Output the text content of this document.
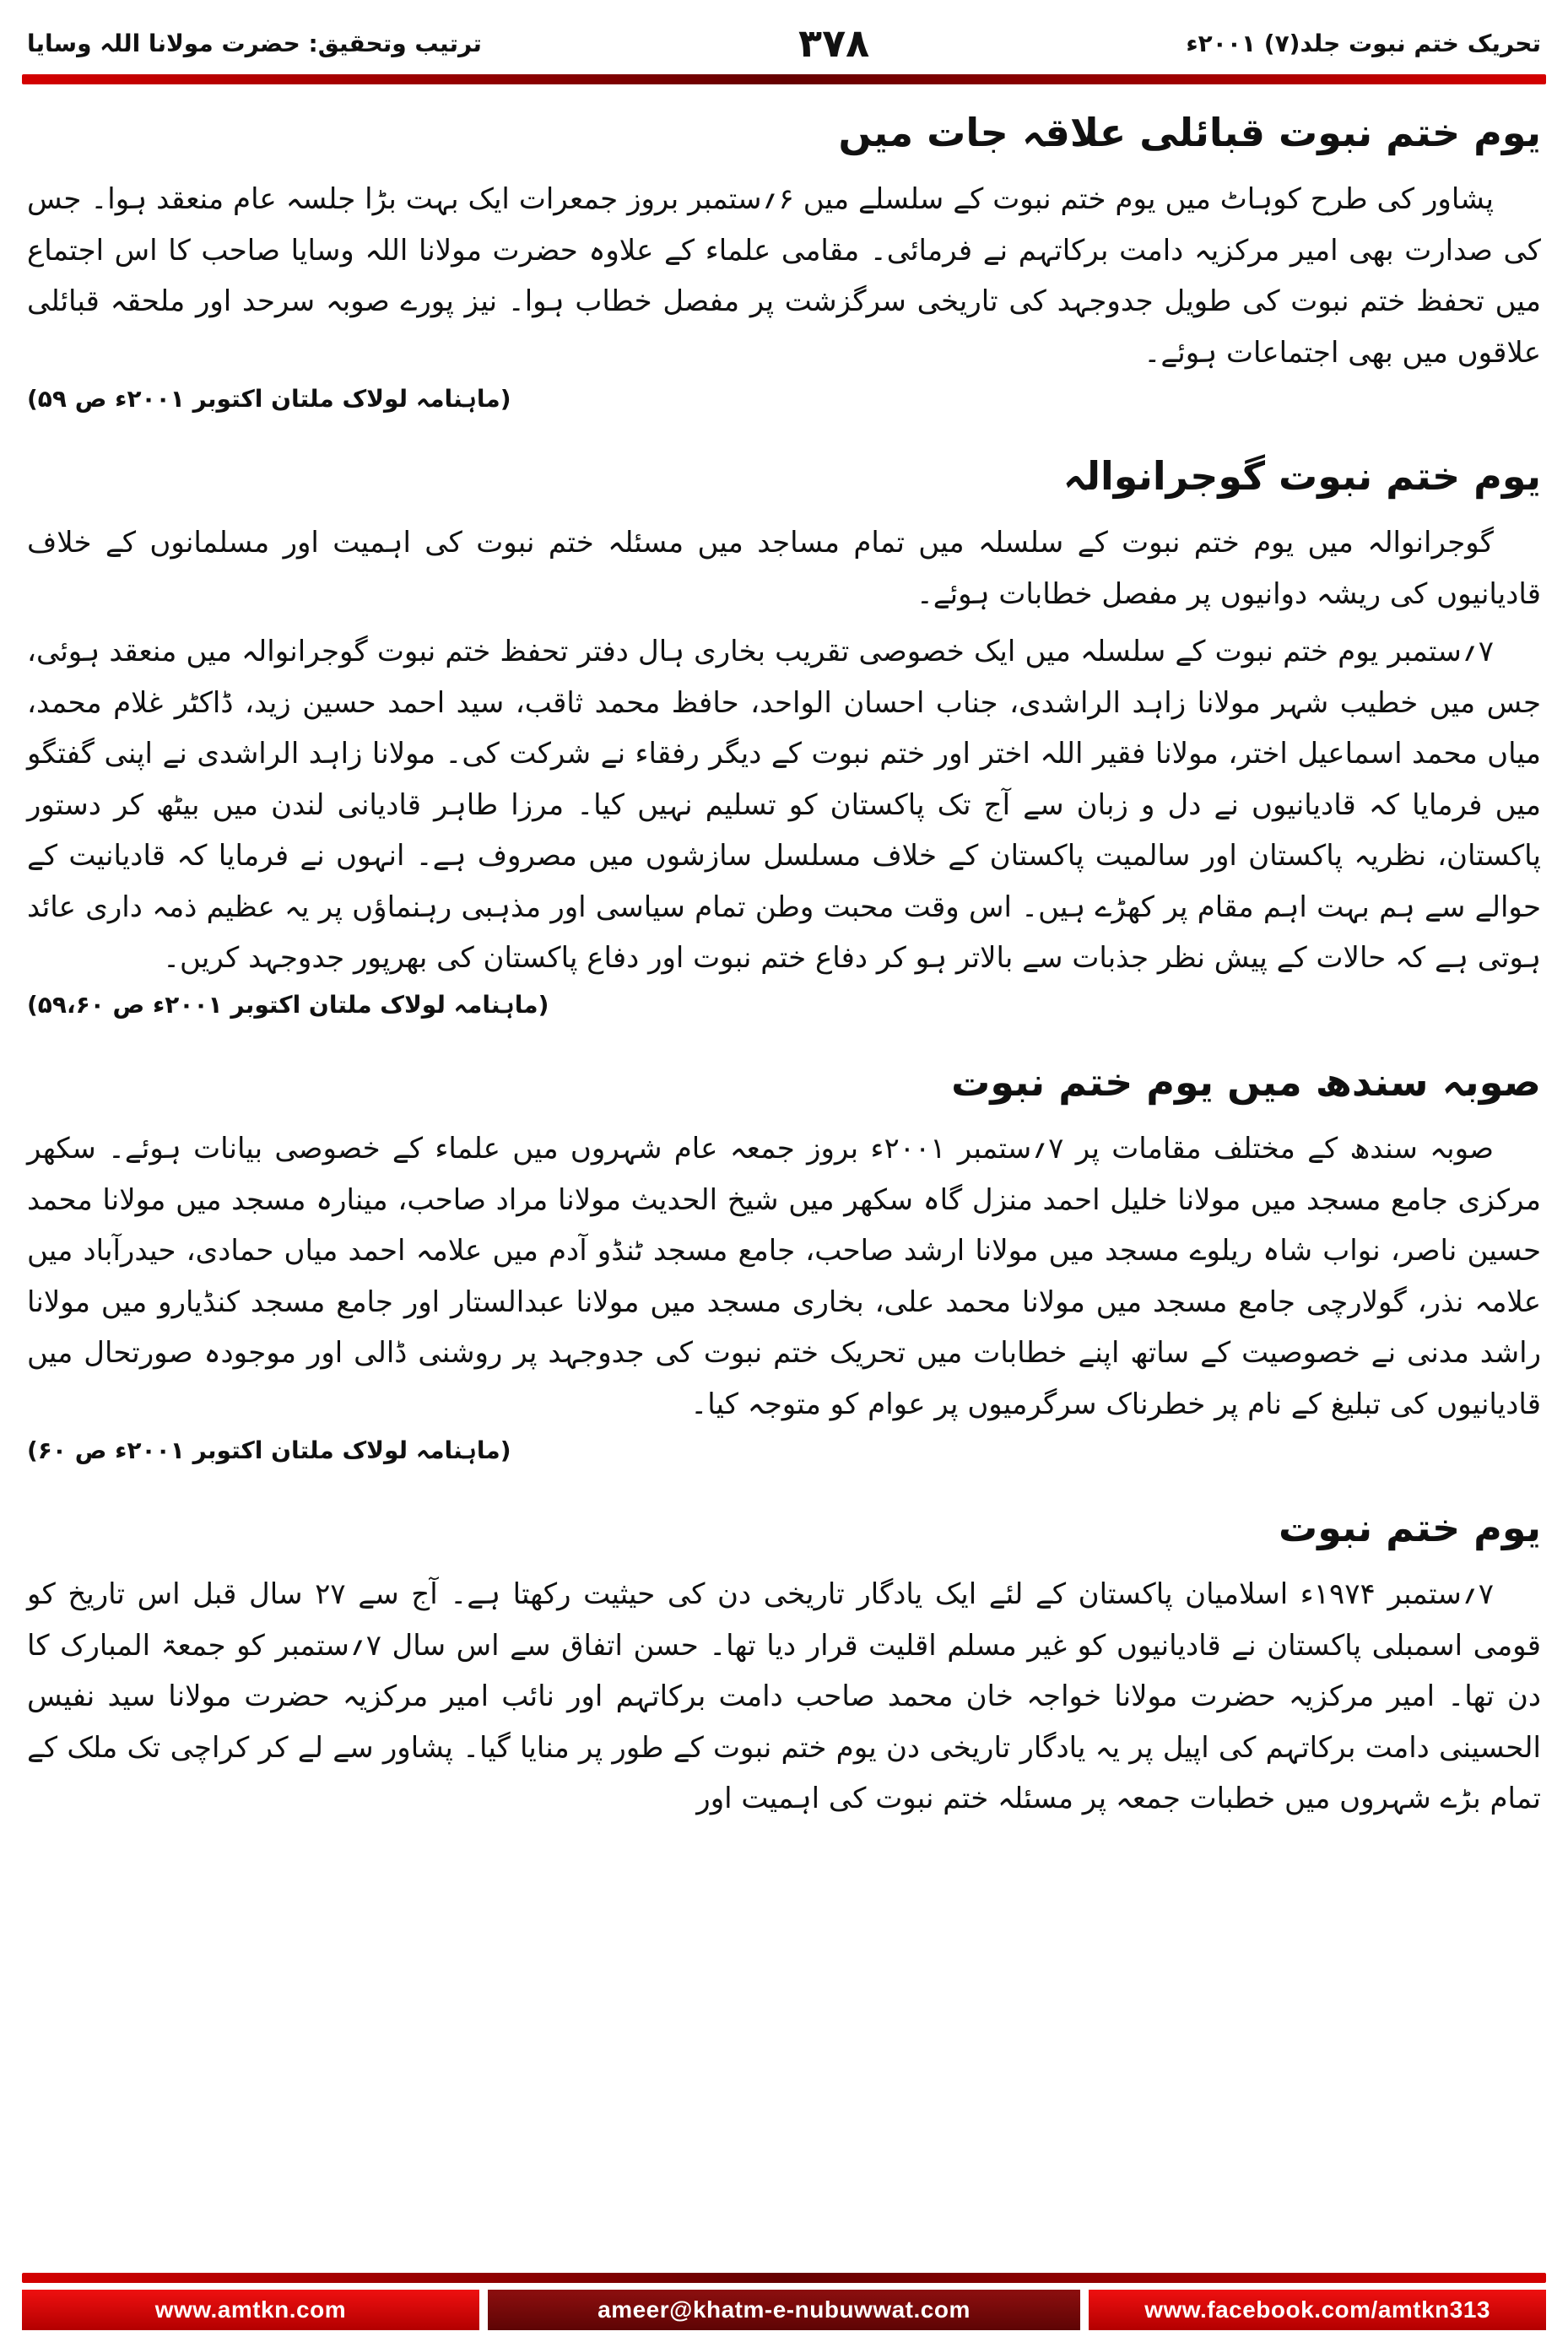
تحریک ختم نبوت جلد(۷) ۲۰۰۱ء
۳۷۸
ترتیب وتحقیق: حضرت مولانا اللہ وسایا
یوم ختم نبوت قبائلی علاقہ جات میں

پشاور کی طرح کوہاٹ میں یوم ختم نبوت کے سلسلے میں ۶؍ستمبر بروز جمعرات ایک بہت بڑا جلسہ عام منعقد ہوا۔ جس کی صدارت بھی امیر مرکزیہ دامت برکاتہم نے فرمائی۔ مقامی علماء کے علاوہ حضرت مولانا اللہ وسایا صاحب کا اس اجتماع میں تحفظ ختم نبوت کی طویل جدوجہد کی تاریخی سرگزشت پر مفصل خطاب ہوا۔ نیز پورے صوبہ سرحد اور ملحقہ قبائلی علاقوں میں بھی اجتماعات ہوئے۔

(ماہنامہ لولاک ملتان اکتوبر ۲۰۰۱ء ص ۵۹)
یوم ختم نبوت گوجرانوالہ

گوجرانوالہ میں یوم ختم نبوت کے سلسلہ میں تمام مساجد میں مسئلہ ختم نبوت کی اہمیت اور مسلمانوں کے خلاف قادیانیوں کی ریشہ دوانیوں پر مفصل خطابات ہوئے۔

۷؍ستمبر یوم ختم نبوت کے سلسلہ میں ایک خصوصی تقریب بخاری ہال دفتر تحفظ ختم نبوت گوجرانوالہ میں منعقد ہوئی، جس میں خطیب شہر مولانا زاہد الراشدی، جناب احسان الواحد، حافظ محمد ثاقب، سید احمد حسین زید، ڈاکٹر غلام محمد، میاں محمد اسماعیل اختر، مولانا فقیر اللہ اختر اور ختم نبوت کے دیگر رفقاء نے شرکت کی۔ مولانا زاہد الراشدی نے اپنی گفتگو میں فرمایا کہ قادیانیوں نے دل و زبان سے آج تک پاکستان کو تسلیم نہیں کیا۔ مرزا طاہر قادیانی لندن میں بیٹھ کر دستور پاکستان، نظریہ پاکستان اور سالمیت پاکستان کے خلاف مسلسل سازشوں میں مصروف ہے۔ انہوں نے فرمایا کہ قادیانیت کے حوالے سے ہم بہت اہم مقام پر کھڑے ہیں۔ اس وقت محبت وطن تمام سیاسی اور مذہبی رہنماؤں پر یہ عظیم ذمہ داری عائد ہوتی ہے کہ حالات کے پیش نظر جذبات سے بالاتر ہو کر دفاع ختم نبوت اور دفاع پاکستان کی بھرپور جدوجہد کریں۔

(ماہنامہ لولاک ملتان اکتوبر ۲۰۰۱ء ص ۵۹،۶۰)
صوبہ سندھ میں یوم ختم نبوت

صوبہ سندھ کے مختلف مقامات پر ۷؍ستمبر ۲۰۰۱ء بروز جمعہ عام شہروں میں علماء کے خصوصی بیانات ہوئے۔ سکھر مرکزی جامع مسجد میں مولانا خلیل احمد منزل گاہ سکھر میں شیخ الحدیث مولانا مراد صاحب، مینارہ مسجد میں مولانا محمد حسین ناصر، نواب شاہ ریلوے مسجد میں مولانا ارشد صاحب، جامع مسجد ٹنڈو آدم میں علامہ احمد میاں حمادی، حیدرآباد میں علامہ نذر، گولارچی جامع مسجد میں مولانا محمد علی، بخاری مسجد میں مولانا عبدالستار اور جامع مسجد کنڈیارو میں مولانا راشد مدنی نے خصوصیت کے ساتھ اپنے خطابات میں تحریک ختم نبوت کی جدوجہد پر روشنی ڈالی اور موجودہ صورتحال میں قادیانیوں کی تبلیغ کے نام پر خطرناک سرگرمیوں پر عوام کو متوجہ کیا۔

(ماہنامہ لولاک ملتان اکتوبر ۲۰۰۱ء ص ۶۰)
یوم ختم نبوت

۷؍ستمبر ۱۹۷۴ء اسلامیان پاکستان کے لئے ایک یادگار تاریخی دن کی حیثیت رکھتا ہے۔ آج سے ۲۷ سال قبل اس تاریخ کو قومی اسمبلی پاکستان نے قادیانیوں کو غیر مسلم اقلیت قرار دیا تھا۔ حسن اتفاق سے اس سال ۷؍ستمبر کو جمعۃ المبارک کا دن تھا۔ امیر مرکزیہ حضرت مولانا خواجہ خان محمد صاحب دامت برکاتہم اور نائب امیر مرکزیہ حضرت مولانا سید نفیس الحسینی دامت برکاتہم کی اپیل پر یہ یادگار تاریخی دن یوم ختم نبوت کے طور پر منایا گیا۔ پشاور سے لے کر کراچی تک ملک کے تمام بڑے شہروں میں خطبات جمعہ پر مسئلہ ختم نبوت کی اہمیت اور

www.amtkn.com	ameer@khatm-e-nubuwwat.com	www.facebook.com/amtkn313
